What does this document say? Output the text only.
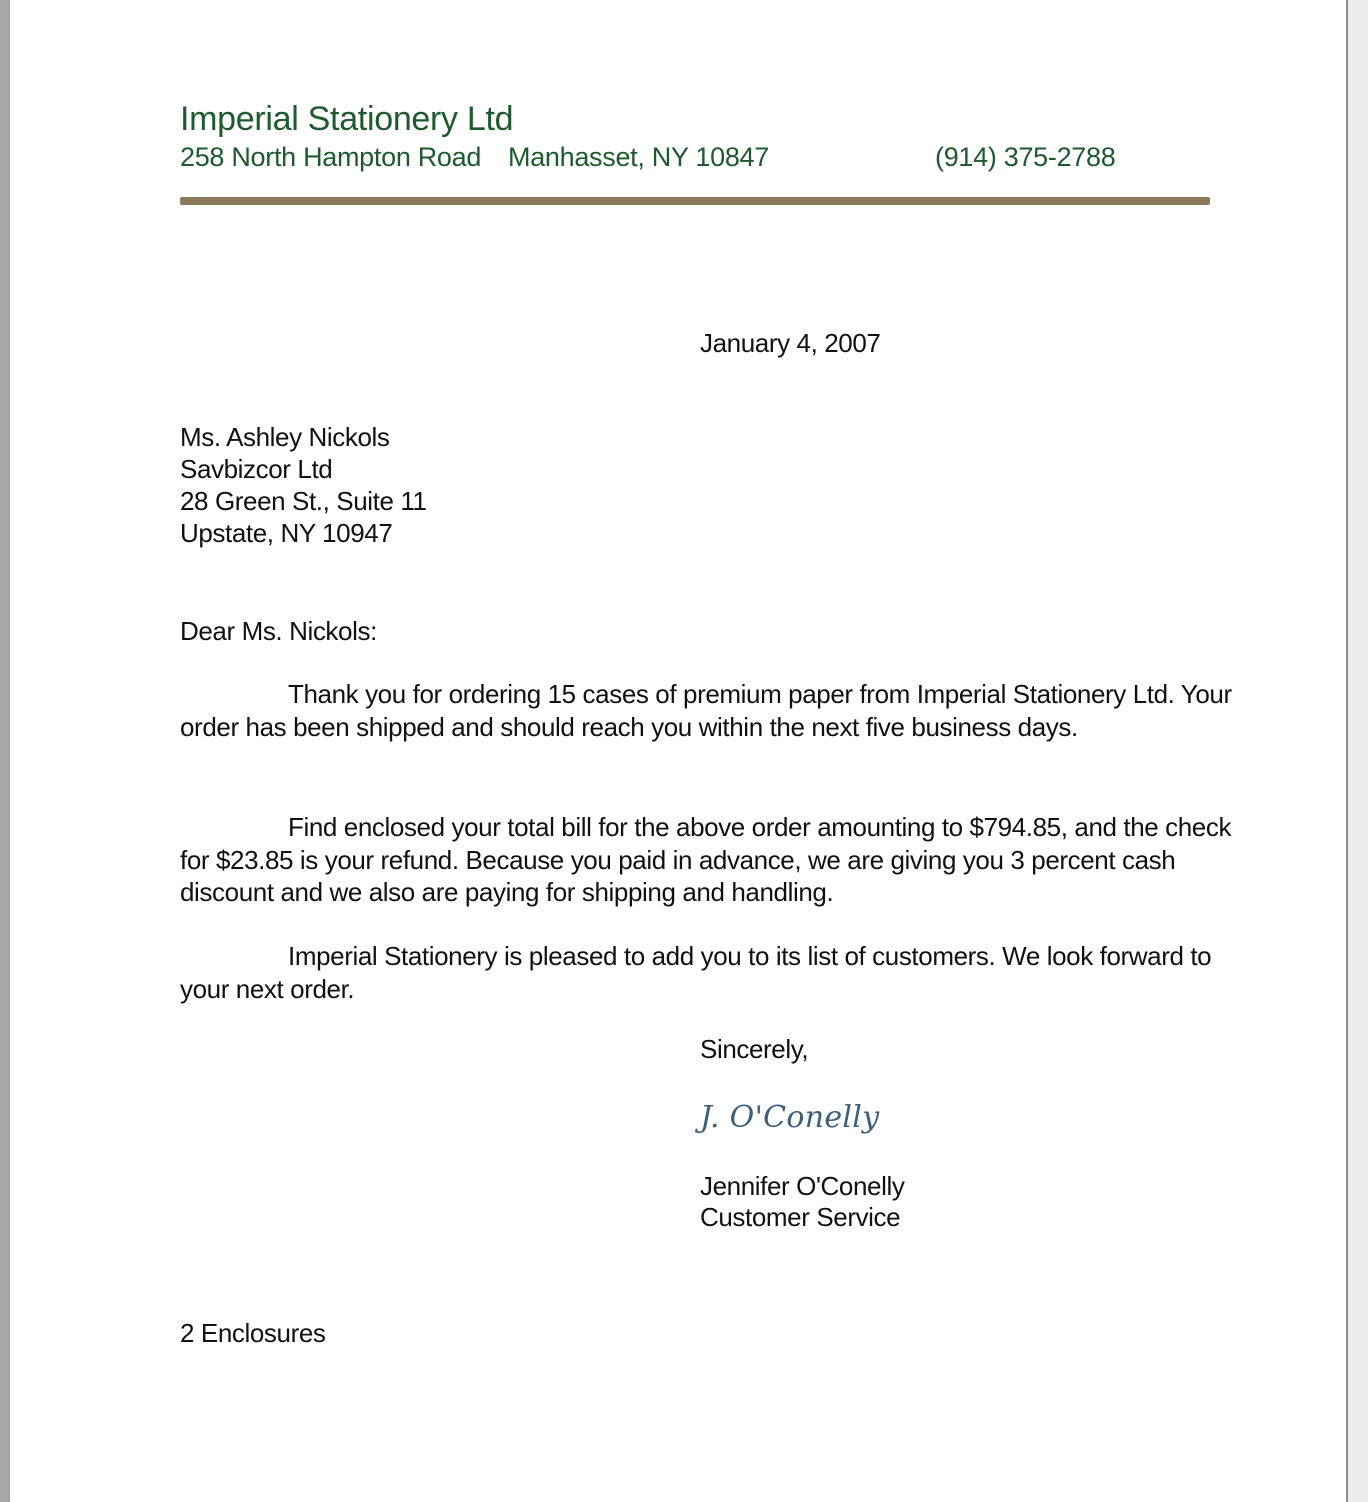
Imperial Stationery Ltd
258 North Hampton Road Manhasset, NY 10847	(914) 375-2788
January 4, 2007
Ms. Ashley Nickols
Savbizcor Ltd
28 Green St., Suite 11
Upstate, NY 10947
Dear Ms. Nickols:

Thank you for ordering 15 cases of premium paper from Imperial Stationery Ltd. Your order has been shipped and should reach you within the next five business days.

Find enclosed your total bill for the above order amounting to $794.85, and the check for $23.85 is your refund. Because you paid in advance, we are giving you 3 percent cash discount and we also are paying for shipping and handling.

Imperial Stationery is pleased to add you to its list of customers. We look forward to your next order.

Sincerely,
J. O'Conelly
Jennifer O'Conelly
Customer Service
2 Enclosures
